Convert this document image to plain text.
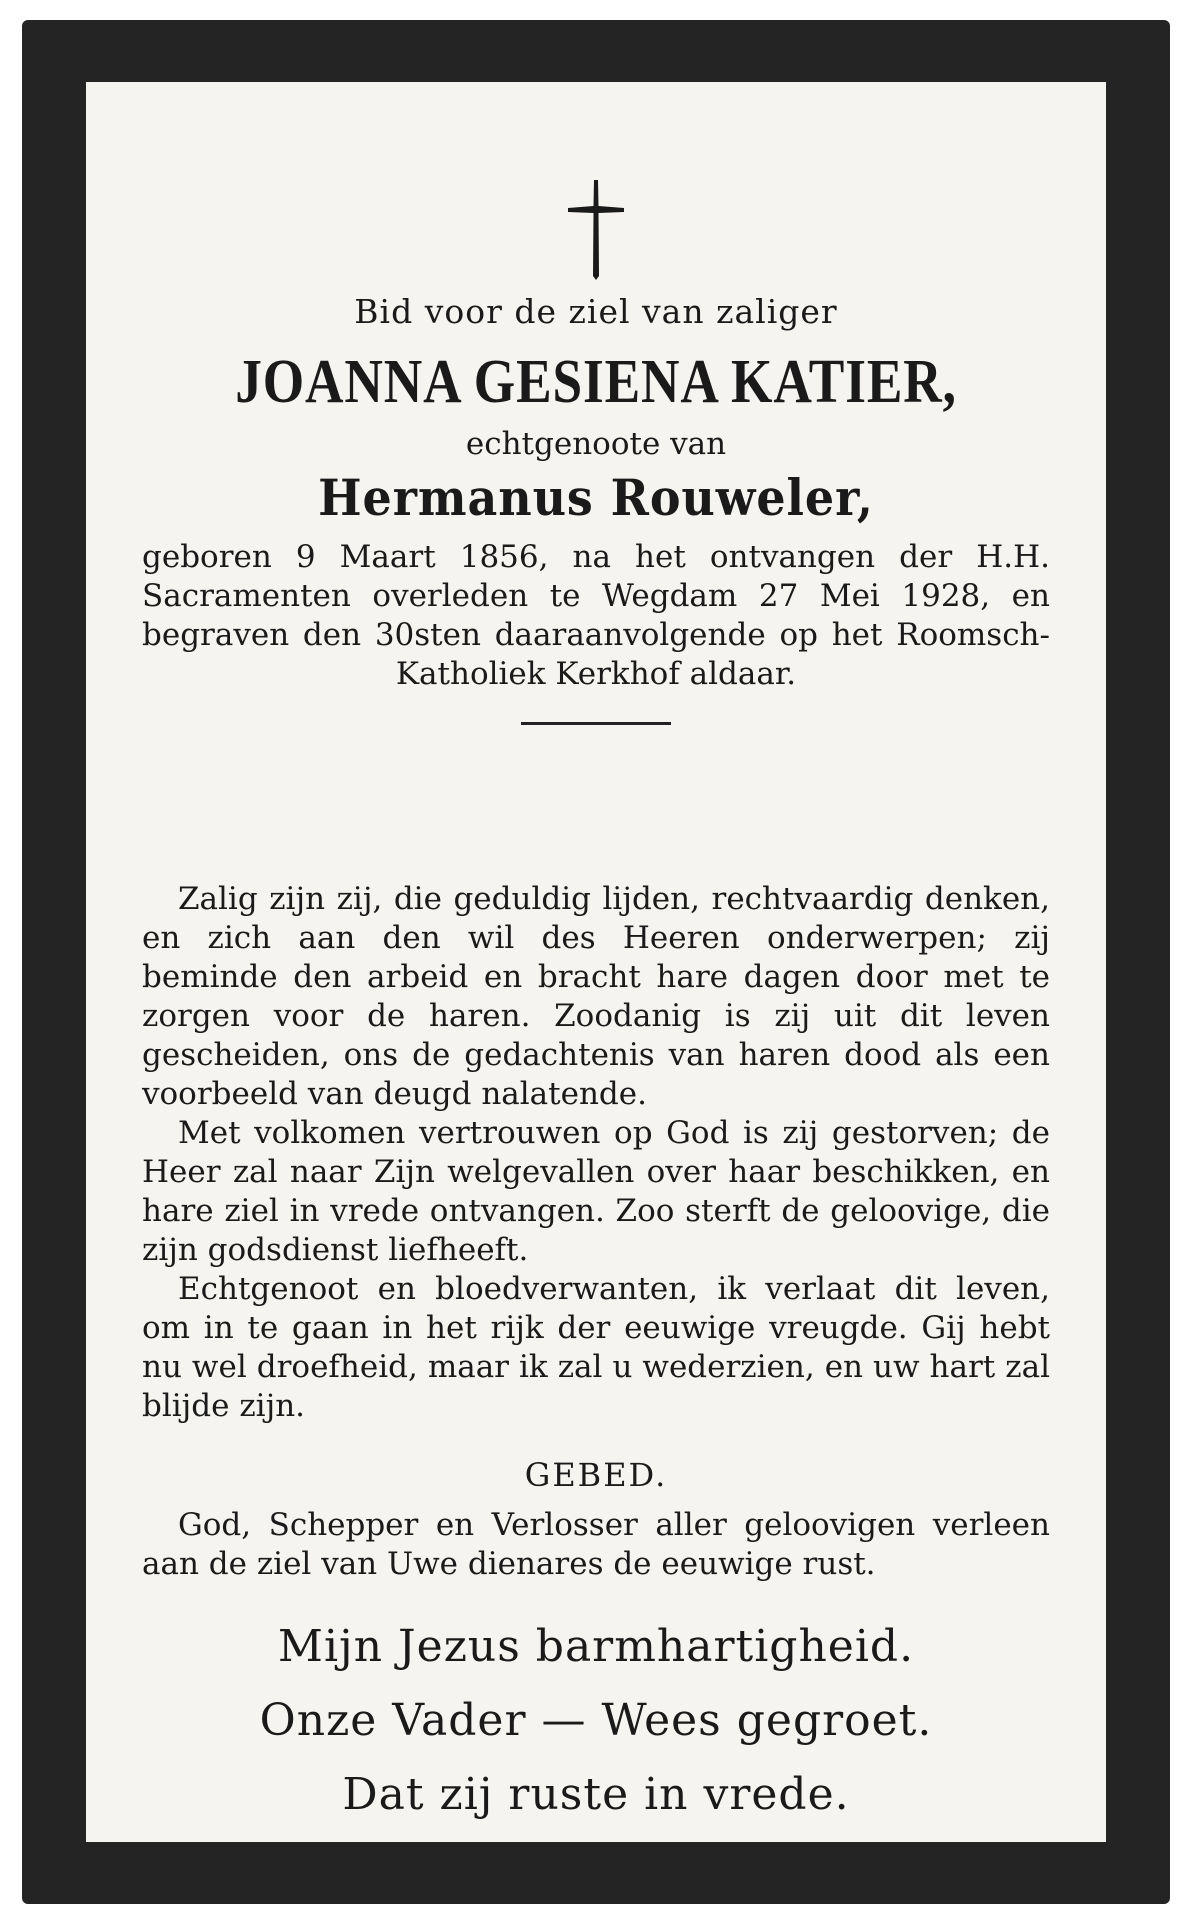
Bid voor de ziel van zaliger

JOANNA GESIENA KATIER,

echtgenoote van

Hermanus Rouweler,

geboren 9 Maart 1856, na het ontvangen der H.H. Sacramenten overleden te Wegdam 27 Mei 1928, en begraven den 30sten daaraanvolgende op het Roomsch-Katholiek Kerkhof aldaar.

Zalig zijn zij, die geduldig lijden, rechtvaardig denken, en zich aan den wil des Heeren onderwerpen; zij beminde den arbeid en bracht hare dagen door met te zorgen voor de haren. Zoodanig is zij uit dit leven gescheiden, ons de gedachtenis van haren dood als een voorbeeld van deugd nalatende.

Met volkomen vertrouwen op God is zij gestorven; de Heer zal naar Zijn welgevallen over haar beschikken, en hare ziel in vrede ontvangen. Zoo sterft de geloovige, die zijn godsdienst liefheeft.

Echtgenoot en bloedverwanten, ik verlaat dit leven, om in te gaan in het rijk der eeuwige vreugde. Gij hebt nu wel droefheid, maar ik zal u wederzien, en uw hart zal blijde zijn.

GEBED.

God, Schepper en Verlosser aller geloovigen verleen aan de ziel van Uwe dienares de eeuwige rust.

Mijn Jezus barmhartigheid.
Onze Vader — Wees gegroet.
Dat zij ruste in vrede.
